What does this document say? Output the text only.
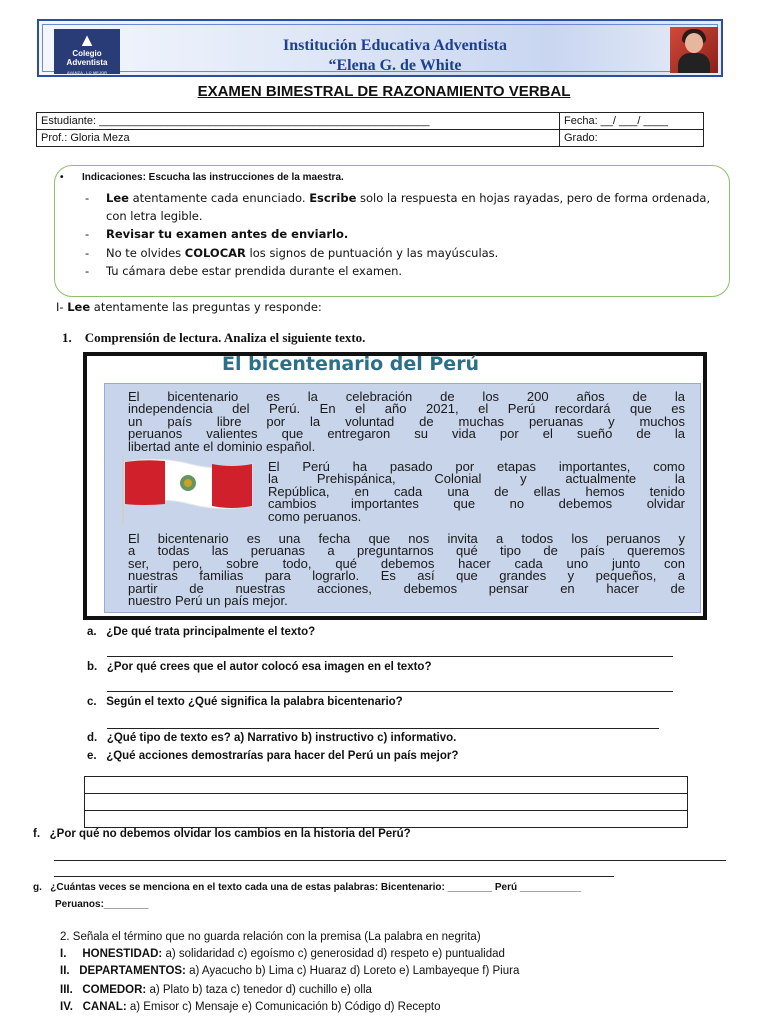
▲
Colegio
Adventista
AVANZA . LO MEJOR
Institución Educativa Adventista
“Elena G. de White
EXAMEN BIMESTRAL DE RAZONAMIENTO VERBAL
Estudiante: ______________________________________________________	Fecha: __/ ___/ ____
Prof.: Gloria Meza	Grado:
• Indicaciones: Escucha las instrucciones de la maestra.
- Lee atentamente cada enunciado. Escribe solo la respuesta en hojas rayadas, pero de forma ordenada,
con letra legible.
- Revisar tu examen antes de enviarlo.
- No te olvides COLOCAR los signos de puntuación y las mayúsculas.
- Tu cámara debe estar prendida durante el examen.
I- Lee atentamente las preguntas y responde:
1. Comprensión de lectura. Analiza el siguiente texto.
El bicentenario del Perú
El bicentenario es la celebración de los 200 años de la
independencia del Perú. En el año 2021, el Perú recordará que es
un país libre por la voluntad de muchas peruanas y muchos
peruanos valientes que entregaron su vida por el sueño de la
libertad ante el dominio español.
El Perú ha pasado por etapas importantes, como
la Prehispánica, Colonial y actualmente la
República, en cada una de ellas hemos tenido
cambios importantes que no debemos olvidar
como peruanos.
El bicentenario es una fecha que nos invita a todos los peruanos y
a todas las peruanas a preguntarnos qué tipo de país queremos
ser, pero, sobre todo, qué debemos hacer cada uno junto con
nuestras familias para lograrlo. Es así que grandes y pequeños, a
partir de nuestras acciones, debemos pensar en hacer de
nuestro Perú un país mejor.
a. ¿De qué trata principalmente el texto?
b. ¿Por qué crees que el autor colocó esa imagen en el texto?
c. Según el texto ¿Qué significa la palabra bicentenario?
d. ¿Qué tipo de texto es? a) Narrativo b) instructivo c) informativo.
e. ¿Qué acciones demostrarías para hacer del Perú un país mejor?
f. ¿Por qué no debemos olvidar los cambios en la historia del Perú?
g. ¿Cuántas veces se menciona en el texto cada una de estas palabras: Bicentenario: ________ Perú ___________
Peruanos:________
2. Señala el término que no guarda relación con la premisa (La palabra en negrita)
I. HONESTIDAD: a) solidaridad c) egoísmo c) generosidad d) respeto e) puntualidad
II. DEPARTAMENTOS: a) Ayacucho b) Lima c) Huaraz d) Loreto e) Lambayeque f) Piura
III. COMEDOR: a) Plato b) taza c) tenedor d) cuchillo e) olla
IV. CANAL: a) Emisor c) Mensaje e) Comunicación b) Código d) Recepto
